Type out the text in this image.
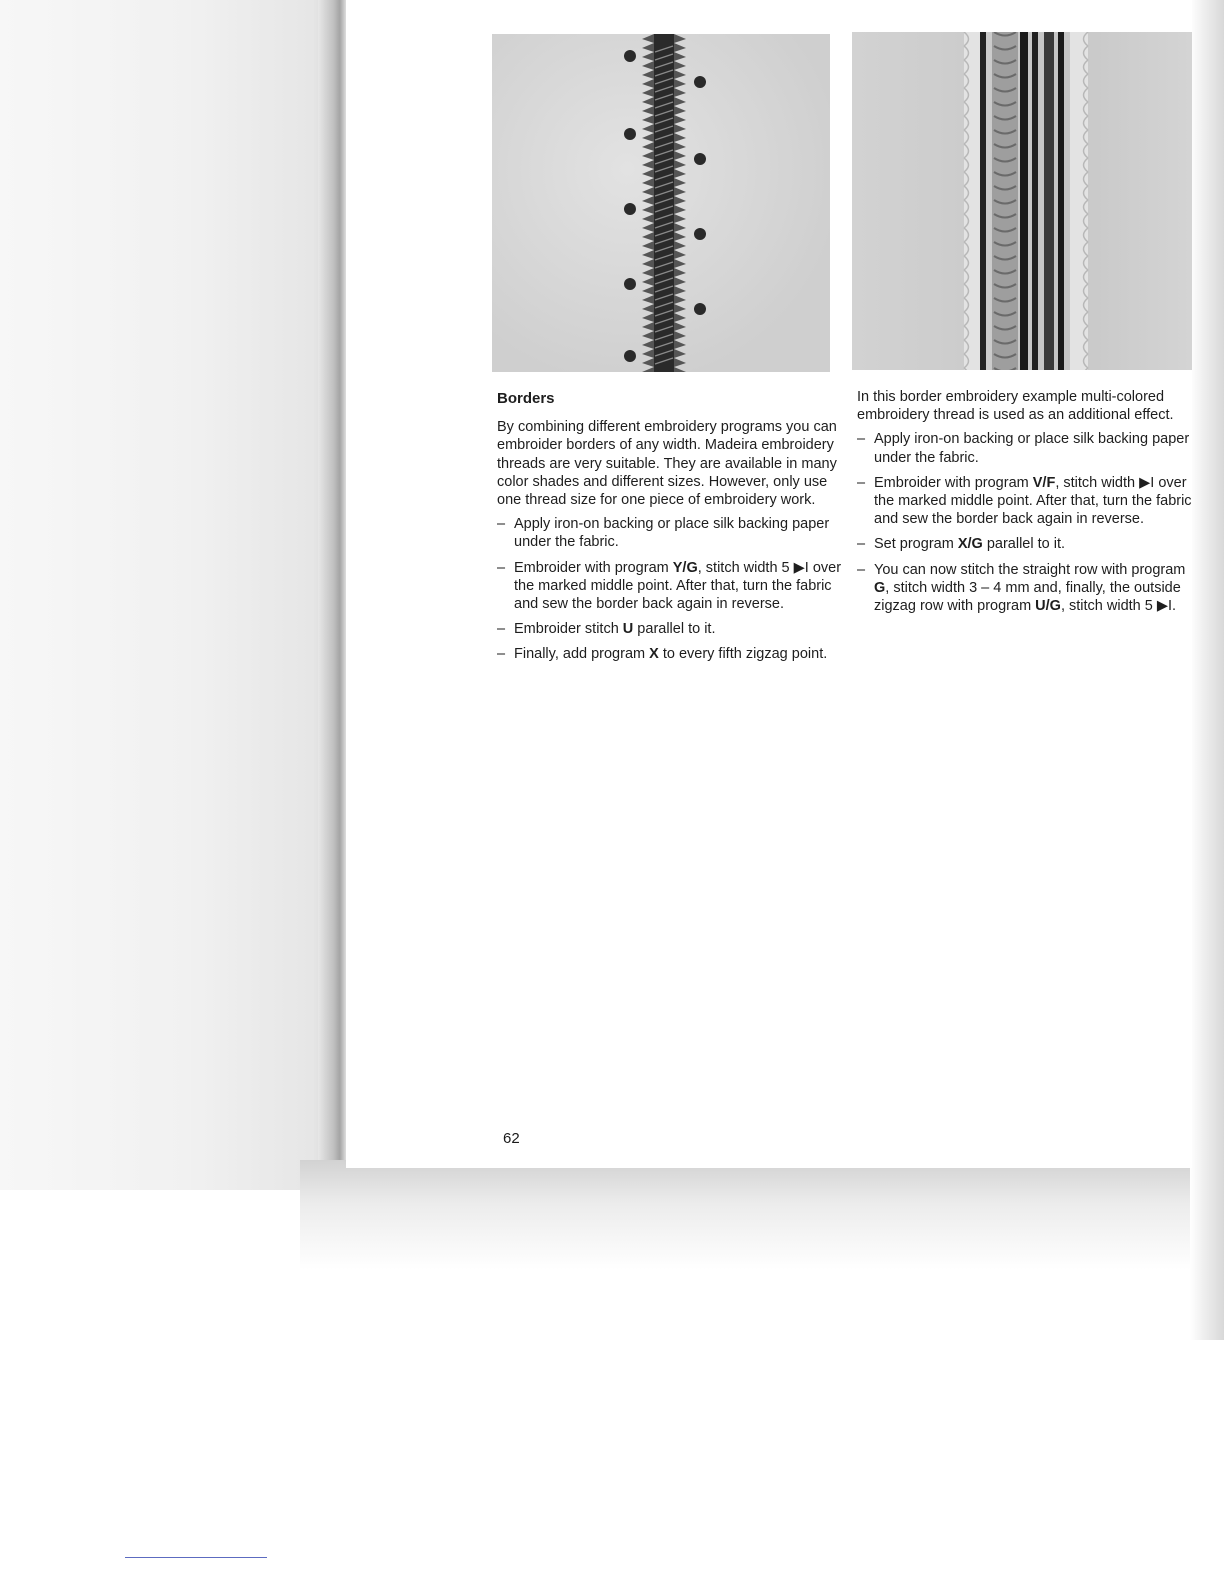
Borders

By combining different embroidery programs you can embroider borders of any width. Madeira embroidery threads are very suitable. They are available in many color shades and different sizes. However, only use one thread size for one piece of embroidery work.

– Apply iron-on backing or place silk backing paper under the fabric.
– Embroider with program Y/G, stitch width 5 ▶I over the marked middle point. After that, turn the fabric and sew the border back again in reverse.
– Embroider stitch U parallel to it.
– Finally, add program X to every fifth zigzag point.

In this border embroidery example multi-colored embroidery thread is used as an additional effect.

– Apply iron-on backing or place silk backing paper under the fabric.
– Embroider with program V/F, stitch width ▶I over the marked middle point. After that, turn the fabric and sew the border back again in reverse.
– Set program X/G parallel to it.
– You can now stitch the straight row with program G, stitch width 3 – 4 mm and, finally, the outside zigzag row with program U/G, stitch width 5 ▶I.
62
